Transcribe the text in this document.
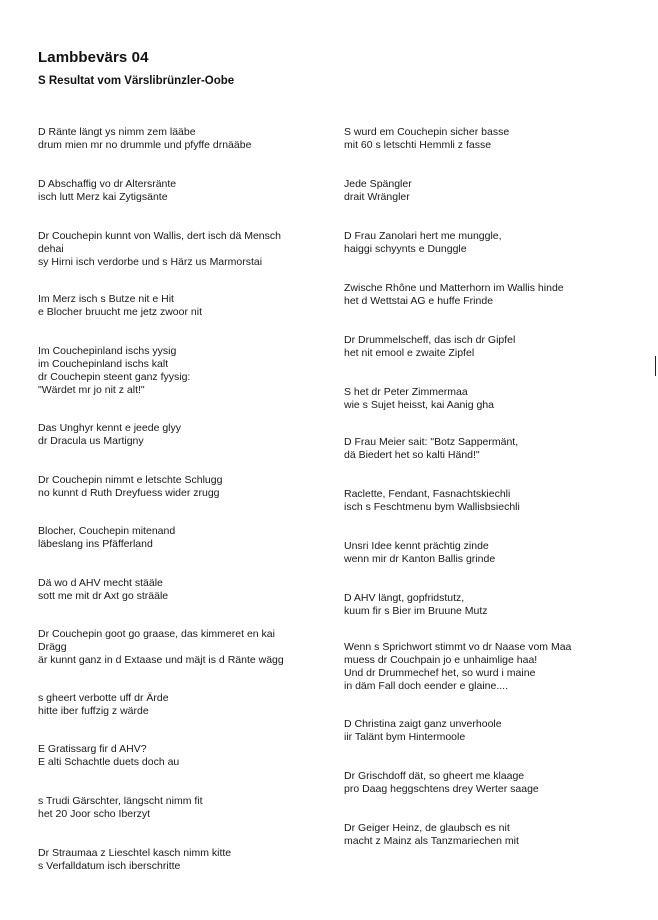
Lambbevärs 04
S Resultat vom Värslibrünzler-Oobe
D Ränte längt ys nimm zem lääbe
drum mien mr no drummle und pfyffe drnääbe
D Abschaffig vo dr Altersränte
isch lutt Merz kai Zytigsänte
Dr Couchepin kunnt von Wallis, dert isch dä Mensch
dehai
sy Hirni isch verdorbe und s Härz us Marmorstai
Im Merz isch s Butze nit e Hit
e Blocher bruucht me jetz zwoor nit
Im Couchepinland ischs yysig
im Couchepinland ischs kalt
dr Couchepin steent ganz fyysig:
"Wärdet mr jo nit z alt!"
Das Unghyr kennt e jeede glyy
dr Dracula us Martigny
Dr Couchepin nimmt e letschte Schlugg
no kunnt d Ruth Dreyfuess wider zrugg
Blocher, Couchepin mitenand
läbeslang ins Pfäfferland
Dä wo d AHV mecht stääle
sott me mit dr Axt go strääle
Dr Couchepin goot go graase, das kimmeret en kai
Drägg
är kunnt ganz in d Extaase und mäjt is d Ränte wägg
s gheert verbotte uff dr Ärde
hitte iber fuffzig z wärde
E Gratissarg fir d AHV?
E alti Schachtle duets doch au
s Trudi Gärschter, längscht nimm fit
het 20 Joor scho Iberzyt
Dr Straumaa z Lieschtel kasch nimm kitte
s Verfalldatum isch iberschritte
S wurd em Couchepin sicher basse
mit 60 s letschti Hemmli z fasse
Jede Spängler
drait Wrängler
D Frau Zanolari hert me munggle,
haiggi schyynts e Dunggle
Zwische Rhône und Matterhorn im Wallis hinde
het d Wettstai AG e huffe Frinde
Dr Drummelscheff, das isch dr Gipfel
het nit emool e zwaite Zipfel
S het dr Peter Zimmermaa
wie s Sujet heisst, kai Aanig gha
D Frau Meier sait: "Botz Sappermänt,
dä Biedert het so kalti Händ!"
Raclette, Fendant, Fasnachtskiechli
isch s Feschtmenu bym Wallisbsiechli
Unsri Idee kennt prächtig zinde
wenn mir dr Kanton Ballis grinde
D AHV längt, gopfridstutz,
kuum fir s Bier im Bruune Mutz
Wenn s Sprichwort stimmt vo dr Naase vom Maa
muess dr Couchpain jo e unhaimlige haa!
Und dr Drummechef het, so wurd i maine
in däm Fall doch eender e glaine....
D Christina zaigt ganz unverhoole
iir Talänt bym Hintermoole
Dr Grischdoff dät, so gheert me klaage
pro Daag heggschtens drey Werter saage
Dr Geiger Heinz, de glaubsch es nit
macht z Mainz als Tanzmariechen mit
